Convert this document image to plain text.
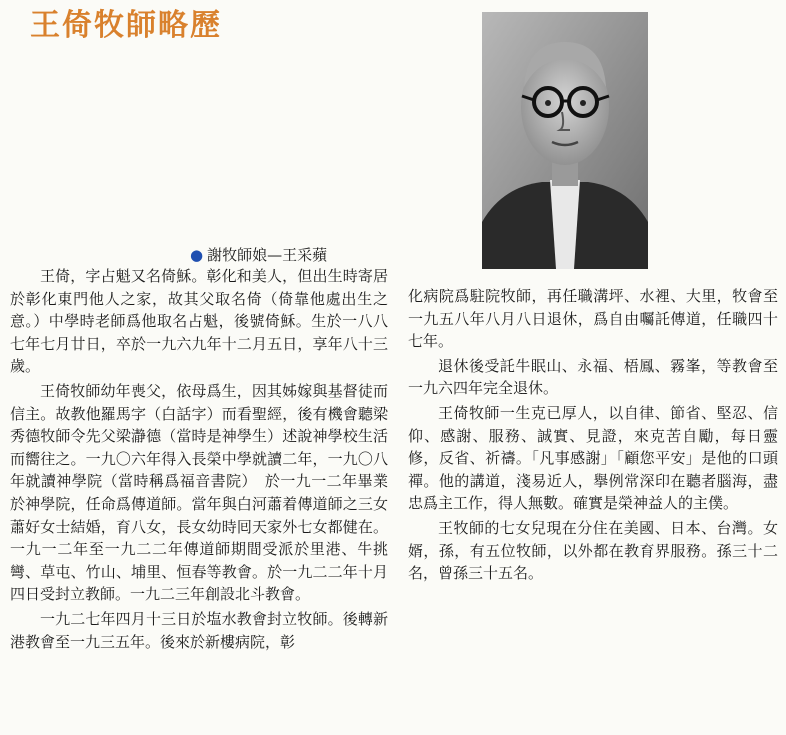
王倚牧師略歷
● 謝牧師娘—王采蘋

王倚，字占魁又名倚穌。彰化和美人，但出生時寄居於彰化東門他人之家，故其父取名倚（倚靠他處出生之意。）中學時老師爲他取名占魁，後號倚穌。生於一八八七年七月廿日，卒於一九六九年十二月五日，享年八十三歲。

王倚牧師幼年喪父，依母爲生，因其姊嫁與基督徒而信主。故教他羅馬字（白話字）而看聖經，後有機會聽梁秀德牧師令先父梁瀞德（當時是神學生）述說神學校生活而嚮往之。一九〇六年得入長榮中學就讀二年，一九〇八年就讀神學院（當時稱爲福音書院）　於一九一二年畢業於神學院，任命爲傳道師。當年與白河蕭着傳道師之三女蕭好女士結婚，育八女，長女幼時囘天家外七女都健在。一九一二年至一九二二年傳道師期間受派於里港、牛挑彎、草屯、竹山、埔里、恒春等教會。於一九二二年十月四日受封立教師。一九二三年創設北斗教會。

一九二七年四月十三日於塩水教會封立牧師。後轉新港教會至一九三五年。後來於新樓病院，彰

化病院爲駐院牧師，再任職溝坪、水裡、大里，牧會至一九五八年八月八日退休，爲自由囑託傳道，任職四十七年。

退休後受託牛眠山、永福、梧鳳、霧峯，等教會至一九六四年完全退休。

王倚牧師一生克已厚人，以自律、節省、堅忍、信仰、感謝、服務、誠實、見證，來克苦自勵，每日靈修，反省、祈禱。「凡事感謝」「顧您平安」是他的口頭禪。他的講道，淺易近人，擧例常深印在聽者腦海，盡忠爲主工作，得人無數。確實是榮神益人的主僕。

王牧師的七女兒現在分住在美國、日本、台灣。女婿，孫，有五位牧師，以外都在教育界服務。孫三十二名，曾孫三十五名。
